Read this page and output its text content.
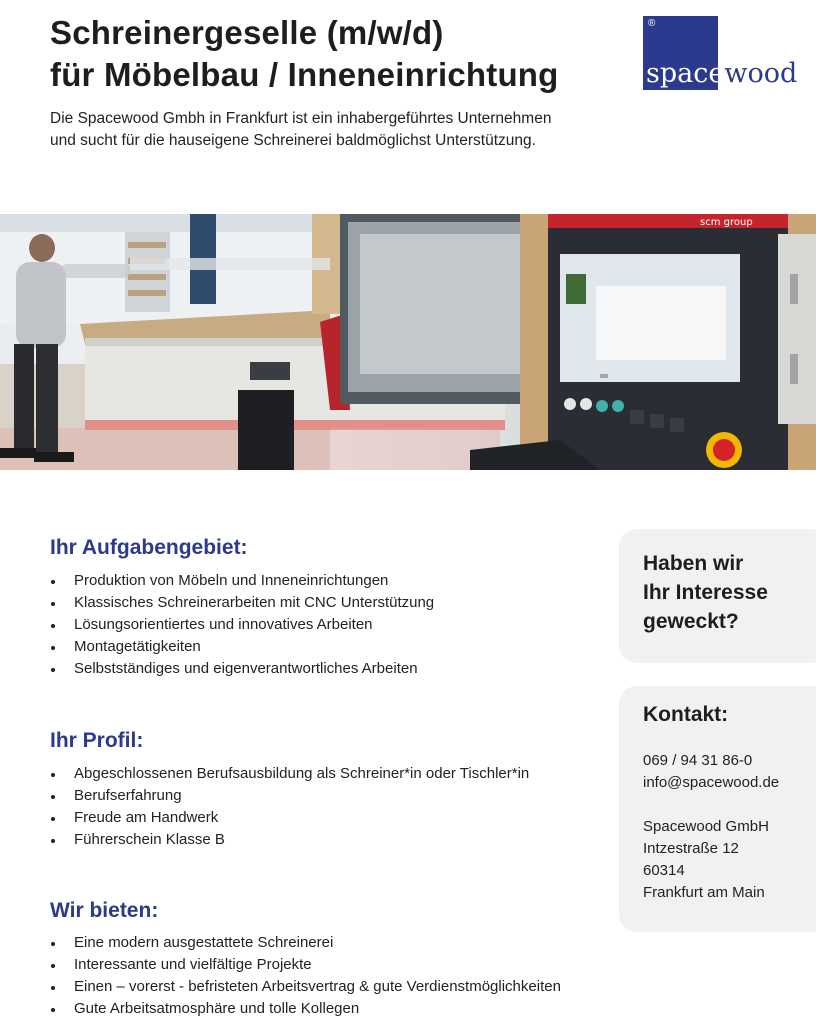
Schreinergeselle (m/w/d)
für Möbelbau / Inneneinrichtung
Die Spacewood Gmbh in Frankfurt ist ein inhabergeführtes Unternehmen
und sucht für die hauseigene Schreinerei baldmöglichst Unterstützung.
®
spacewood
scm group
Ihr Aufgabengebiet:
Produktion von Möbeln und Inneneinrichtungen
Klassisches Schreinerarbeiten mit CNC Unterstützung
Lösungsorientiertes und innovatives Arbeiten
Montagetätigkeiten
Selbstständiges und eigenverantwortliches Arbeiten
Ihr Profil:
Abgeschlossenen Berufsausbildung als Schreiner*in oder Tischler*in
Berufserfahrung
Freude am Handwerk
Führerschein Klasse B
Wir bieten:
Eine modern ausgestattete Schreinerei
Interessante und vielfältige Projekte
Einen – vorerst - befristeten Arbeitsvertrag & gute Verdienstmöglichkeiten
Gute Arbeitsatmosphäre und tolle Kollegen
Haben wir
Ihr Interesse
geweckt?
Kontakt:
069 / 94 31 86-0
info@spacewood.de
Spacewood GmbH
Intzestraße 12
60314
Frankfurt am Main
